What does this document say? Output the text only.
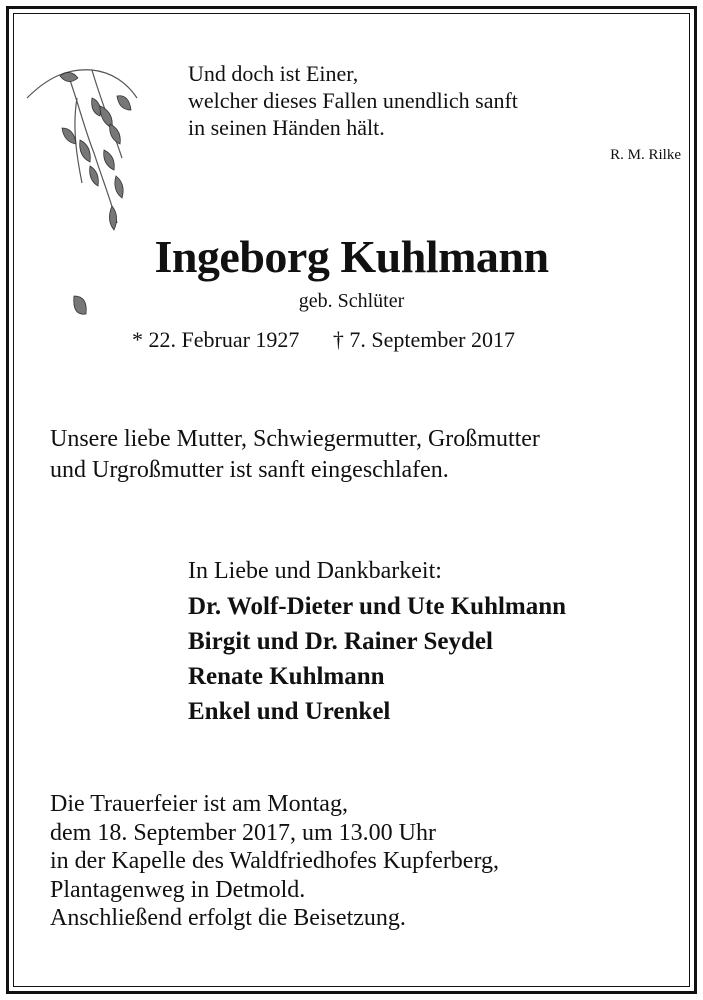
Und doch ist Einer,
welcher dieses Fallen unendlich sanft
in seinen Händen hält.
R. M. Rilke
Ingeborg Kuhlmann
geb. Schlüter
* 22. Februar 1927 † 7. September 2017
Unsere liebe Mutter, Schwiegermutter, Großmutter
und Urgroßmutter ist sanft eingeschlafen.
In Liebe und Dankbarkeit:
Dr. Wolf-Dieter und Ute Kuhlmann
Birgit und Dr. Rainer Seydel
Renate Kuhlmann
Enkel und Urenkel
Die Trauerfeier ist am Montag,
dem 18. September 2017, um 13.00 Uhr
in der Kapelle des Waldfriedhofes Kupferberg,
Plantagenweg in Detmold.
Anschließend erfolgt die Beisetzung.
